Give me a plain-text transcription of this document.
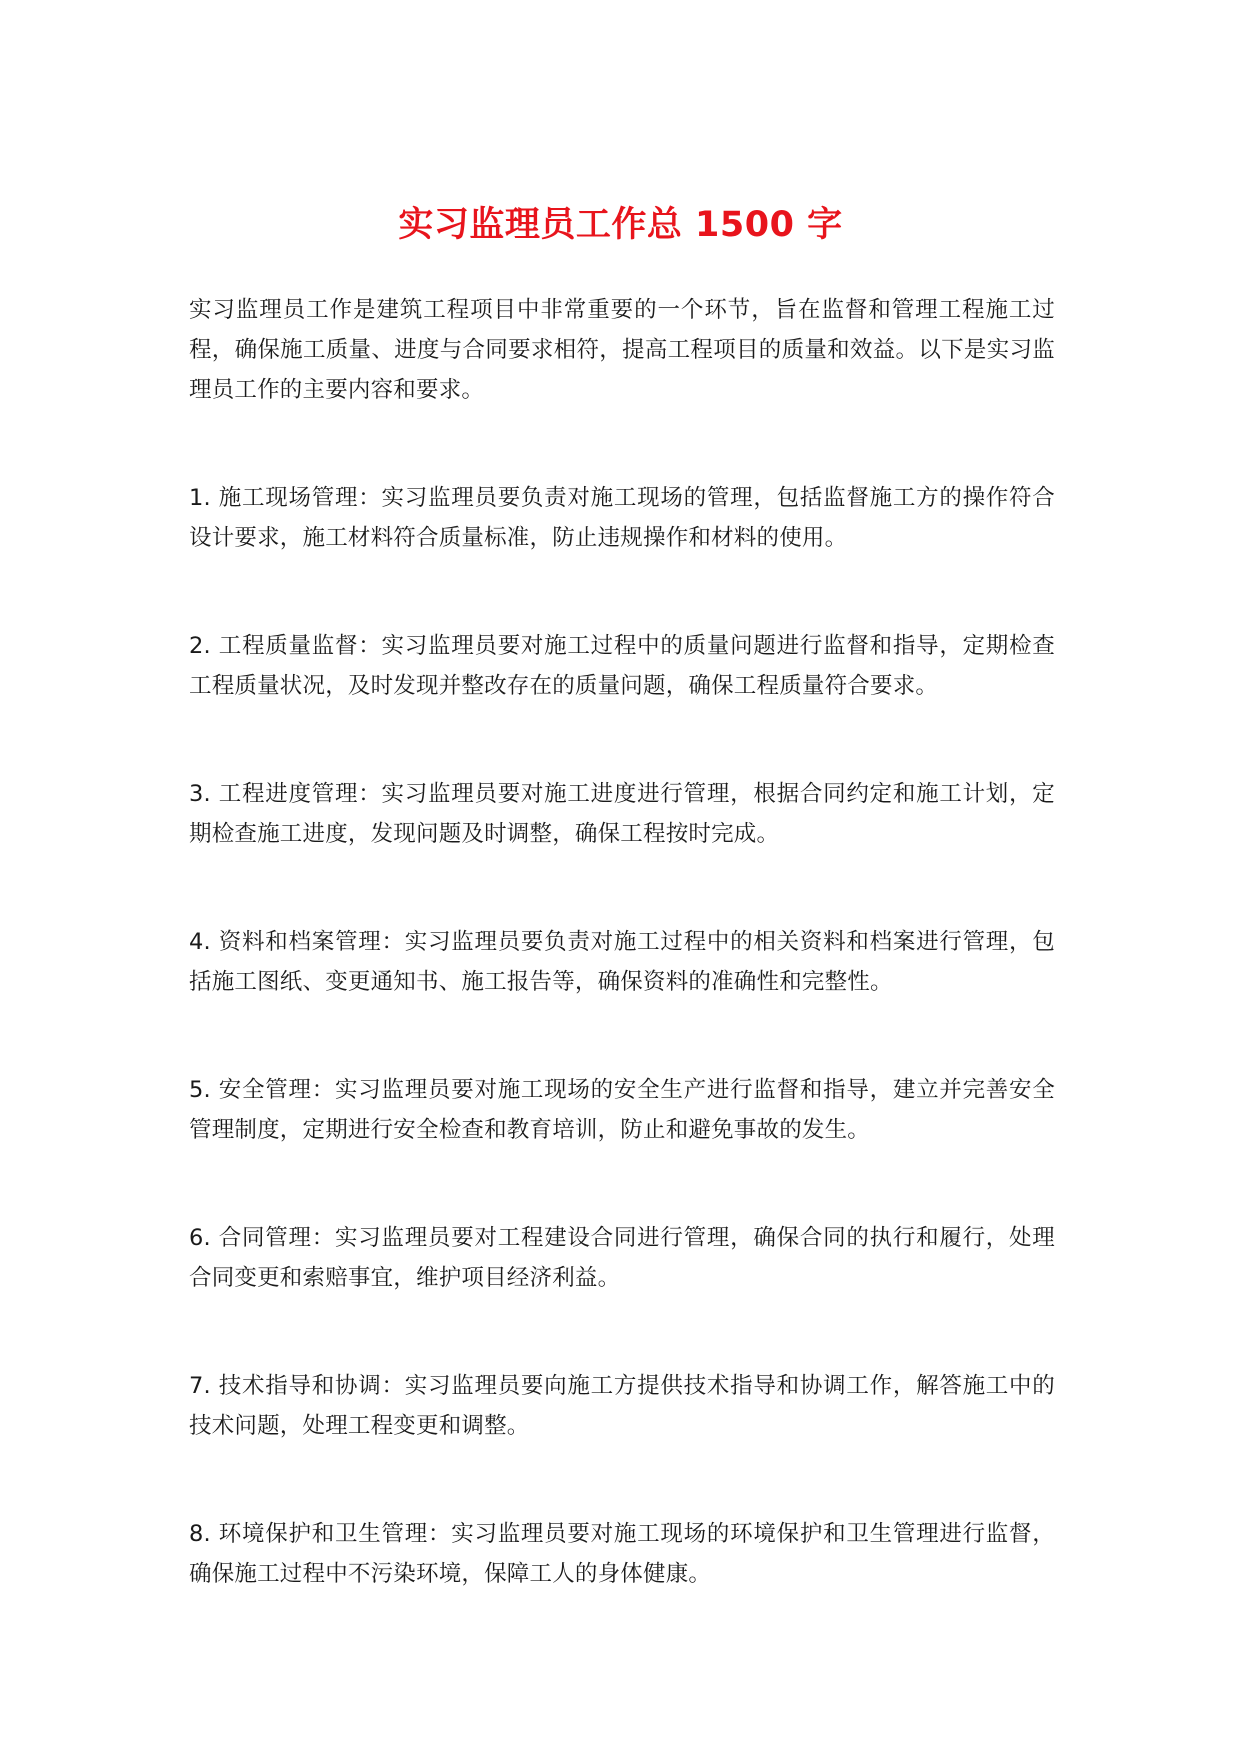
实习监理员工作总 1500 字

实习监理员工作是建筑工程项目中非常重要的一个环节，旨在监督和管理工程施工过程，确保施工质量、进度与合同要求相符，提高工程项目的质量和效益。以下是实习监理员工作的主要内容和要求。

1. 施工现场管理：实习监理员要负责对施工现场的管理，包括监督施工方的操作符合设计要求，施工材料符合质量标准，防止违规操作和材料的使用。

2. 工程质量监督：实习监理员要对施工过程中的质量问题进行监督和指导，定期检查工程质量状况，及时发现并整改存在的质量问题，确保工程质量符合要求。

3. 工程进度管理：实习监理员要对施工进度进行管理，根据合同约定和施工计划，定期检查施工进度，发现问题及时调整，确保工程按时完成。

4. 资料和档案管理：实习监理员要负责对施工过程中的相关资料和档案进行管理，包括施工图纸、变更通知书、施工报告等，确保资料的准确性和完整性。

5. 安全管理：实习监理员要对施工现场的安全生产进行监督和指导，建立并完善安全管理制度，定期进行安全检查和教育培训，防止和避免事故的发生。

6. 合同管理：实习监理员要对工程建设合同进行管理，确保合同的执行和履行，处理合同变更和索赔事宜，维护项目经济利益。

7. 技术指导和协调：实习监理员要向施工方提供技术指导和协调工作，解答施工中的技术问题，处理工程变更和调整。

8. 环境保护和卫生管理：实习监理员要对施工现场的环境保护和卫生管理进行监督，确保施工过程中不污染环境，保障工人的身体健康。
